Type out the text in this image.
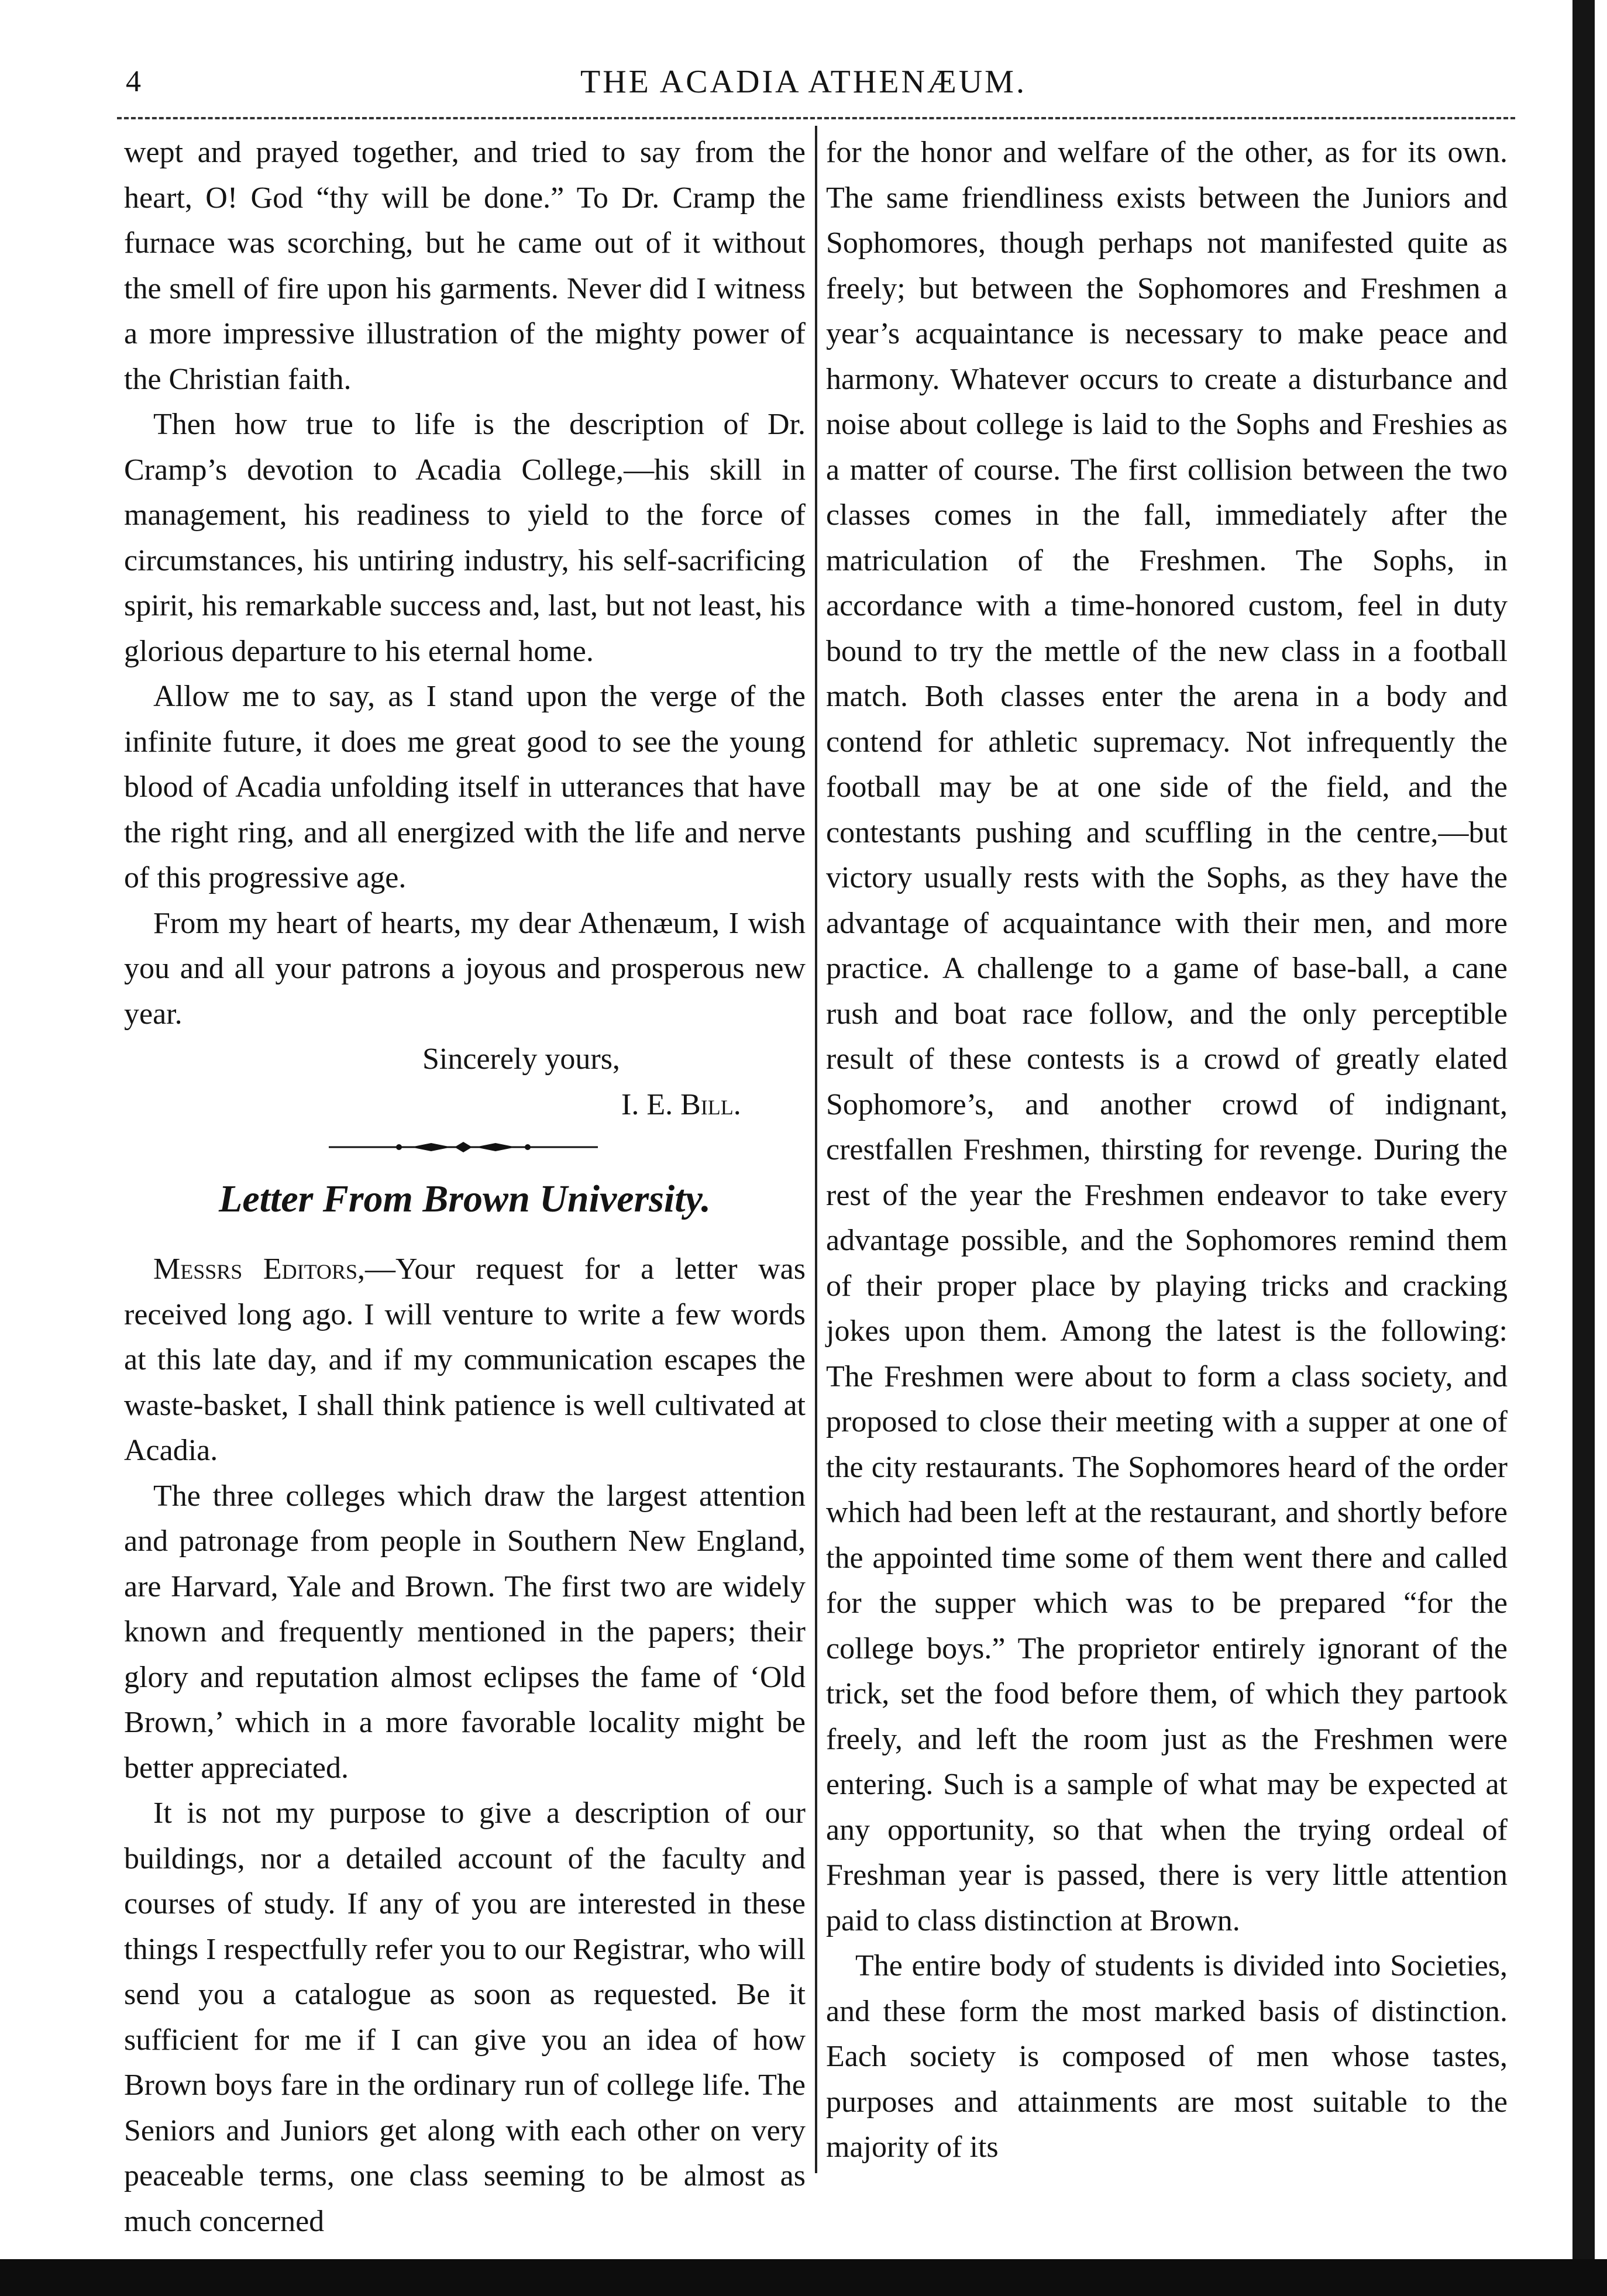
4	THE ACADIA ATHENÆUM.

wept and prayed together, and tried to say from the heart, O! God “thy will be done.” To Dr. Cramp the furnace was scorching, but he came out of it without the smell of fire upon his garments. Never did I witness a more impressive illustration of the mighty power of the Christian faith.

Then how true to life is the description of Dr. Cramp’s devotion to Acadia College,—his skill in management, his readiness to yield to the force of circumstances, his untiring industry, his self-sacrificing spirit, his remarkable success and, last, but not least, his glorious departure to his eternal home.

Allow me to say, as I stand upon the verge of the infinite future, it does me great good to see the young blood of Acadia unfolding itself in utterances that have the right ring, and all energized with the life and nerve of this progressive age.

From my heart of hearts, my dear Athenæum, I wish you and all your patrons a joyous and prosperous new year.

Sincerely yours,
I. E. Bill.
Letter From Brown University.

Messrs Editors,—Your request for a letter was received long ago. I will venture to write a few words at this late day, and if my communication escapes the waste-basket, I shall think patience is well cultivated at Acadia.

The three colleges which draw the largest attention and patronage from people in Southern New England, are Harvard, Yale and Brown. The first two are widely known and frequently mentioned in the papers; their glory and reputation almost eclipses the fame of ‘Old Brown,’ which in a more favorable locality might be better appreciated.

It is not my purpose to give a description of our buildings, nor a detailed account of the faculty and courses of study. If any of you are interested in these things I respectfully refer you to our Registrar, who will send you a catalogue as soon as requested. Be it sufficient for me if I can give you an idea of how Brown boys fare in the ordinary run of college life. The Seniors and Juniors get along with each other on very peaceable terms, one class seeming to be almost as much concerned

for the honor and welfare of the other, as for its own. The same friendliness exists between the Juniors and Sophomores, though perhaps not manifested quite as freely; but between the Sophomores and Freshmen a year’s acquaintance is necessary to make peace and harmony. Whatever occurs to create a disturbance and noise about college is laid to the Sophs and Freshies as a matter of course. The first collision between the two classes comes in the fall, immediately after the matriculation of the Freshmen. The Sophs, in accordance with a time-honored custom, feel in duty bound to try the mettle of the new class in a football match. Both classes enter the arena in a body and contend for athletic supremacy. Not infrequently the football may be at one side of the field, and the contestants pushing and scuffling in the centre,—but victory usually rests with the Sophs, as they have the advantage of acquaintance with their men, and more practice. A challenge to a game of base-ball, a cane rush and boat race follow, and the only perceptible result of these contests is a crowd of greatly elated Sophomore’s, and another crowd of indignant, crestfallen Freshmen, thirsting for revenge. During the rest of the year the Freshmen endeavor to take every advantage possible, and the Sophomores remind them of their proper place by playing tricks and cracking jokes upon them. Among the latest is the following: The Freshmen were about to form a class society, and proposed to close their meeting with a supper at one of the city restaurants. The Sophomores heard of the order which had been left at the restaurant, and shortly before the appointed time some of them went there and called for the supper which was to be prepared “for the college boys.” The proprietor entirely ignorant of the trick, set the food before them, of which they partook freely, and left the room just as the Freshmen were entering. Such is a sample of what may be expected at any opportunity, so that when the trying ordeal of Freshman year is passed, there is very little attention paid to class distinction at Brown.

The entire body of students is divided into Societies, and these form the most marked basis of distinction. Each society is composed of men whose tastes, purposes and attainments are most suitable to the majority of its
